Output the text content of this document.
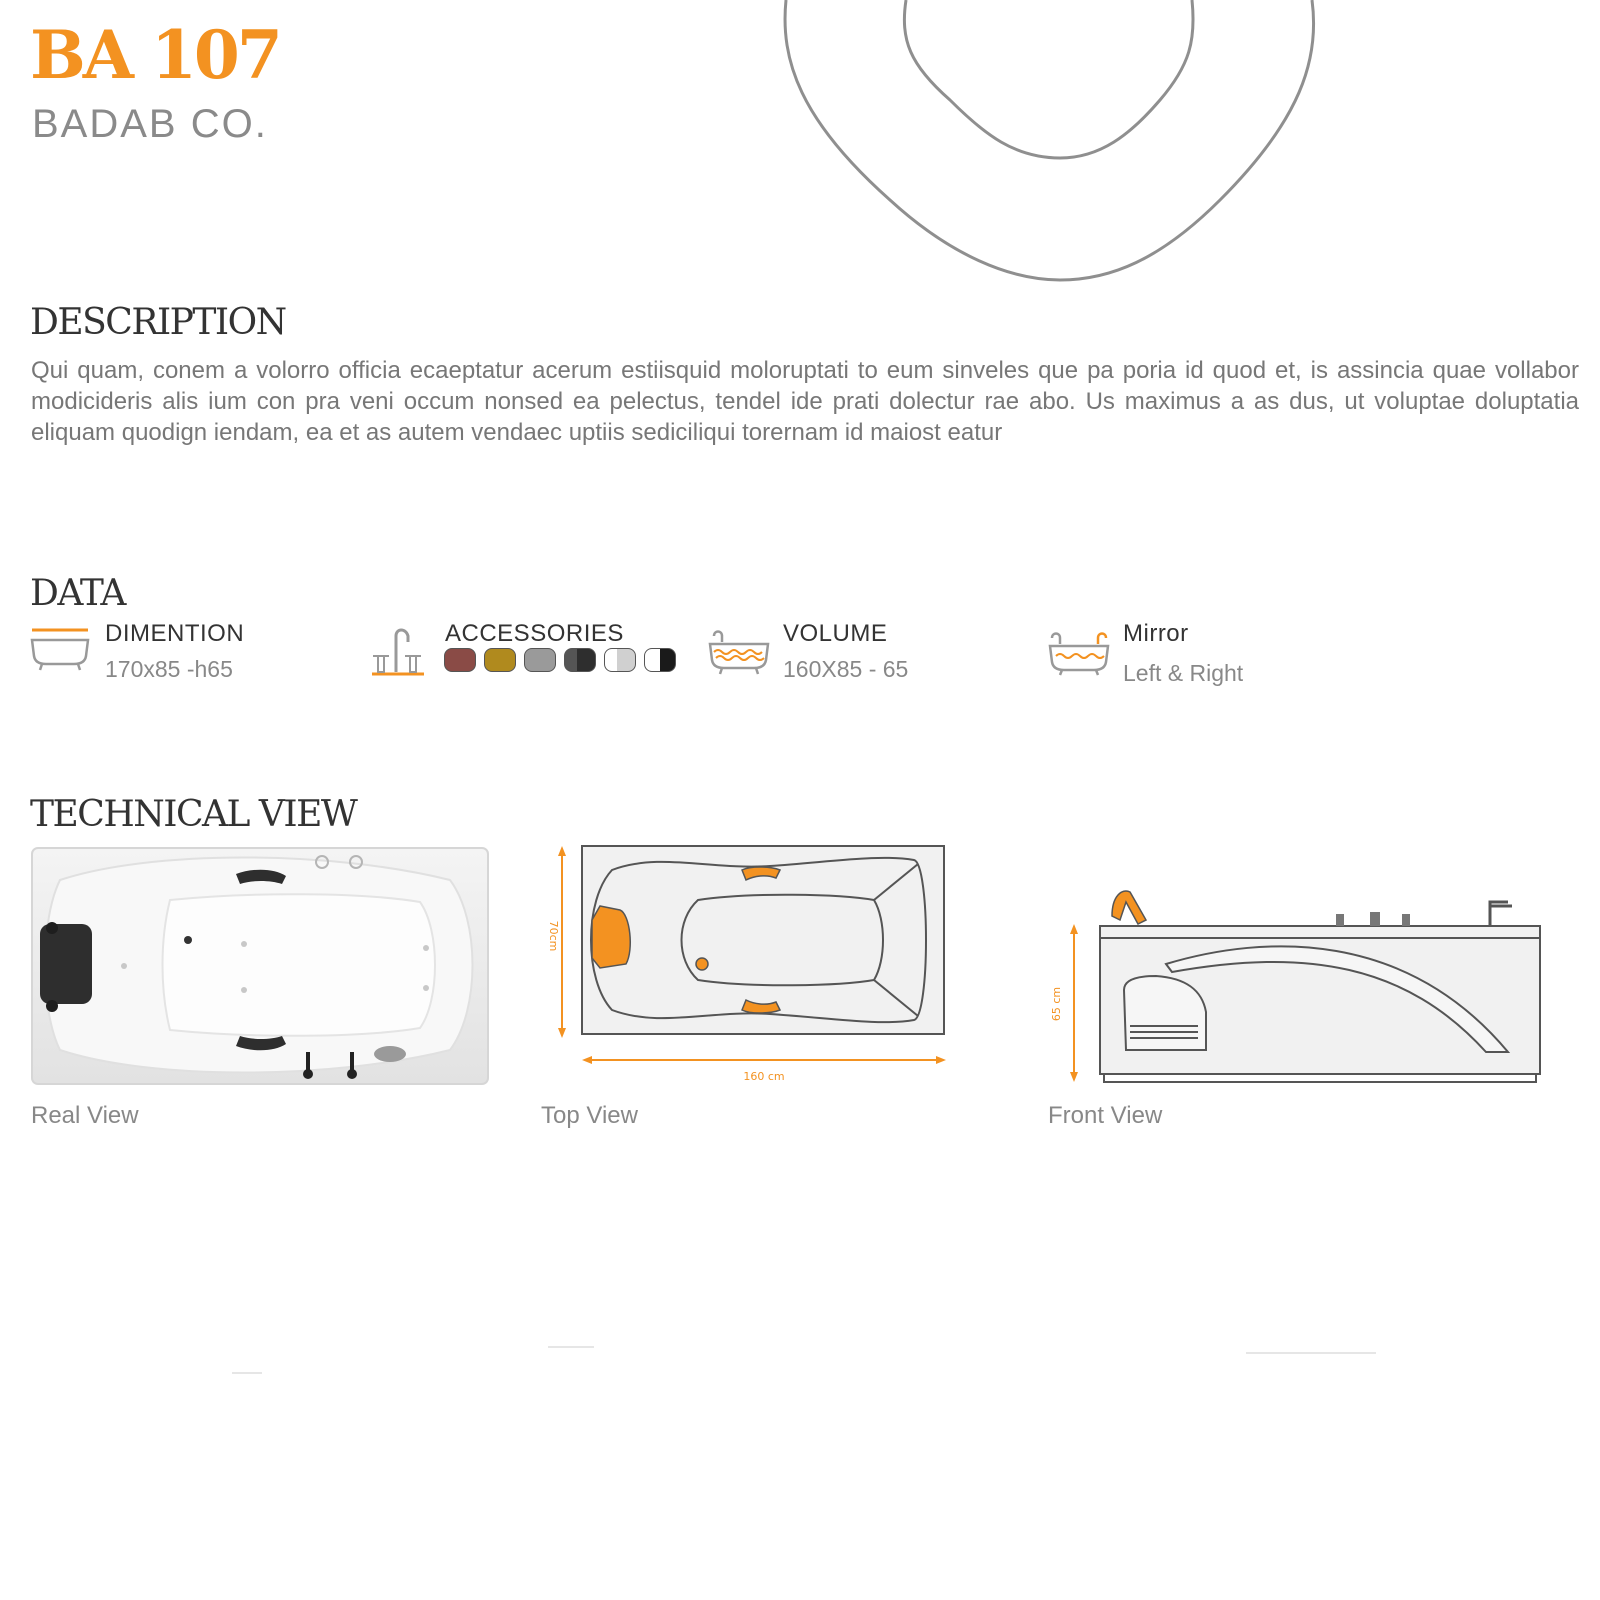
BA 107
BADAB CO.
DESCRIPTION
Qui quam, conem a volorro officia ecaeptatur acerum estiisquid moloruptati to eum sinveles que pa poria id quod et, is assincia quae vollabor modicideris alis ium con pra veni occum nonsed ea pelectus, tendel ide prati dolectur rae abo. Us maximus a as dus, ut voluptae doluptatia eliquam quodign iendam, ea et as autem vendaec uptiis sediciliqui torernam id maiost eatur
DATA
DIMENTION
170x85 -h65
ACCESSORIES	VOLUME
160X85 - 65
Mirror
Left & Right
TECHNICAL VIEW
Real View
160 cm
70cm
Top View
65 cm
Front View
